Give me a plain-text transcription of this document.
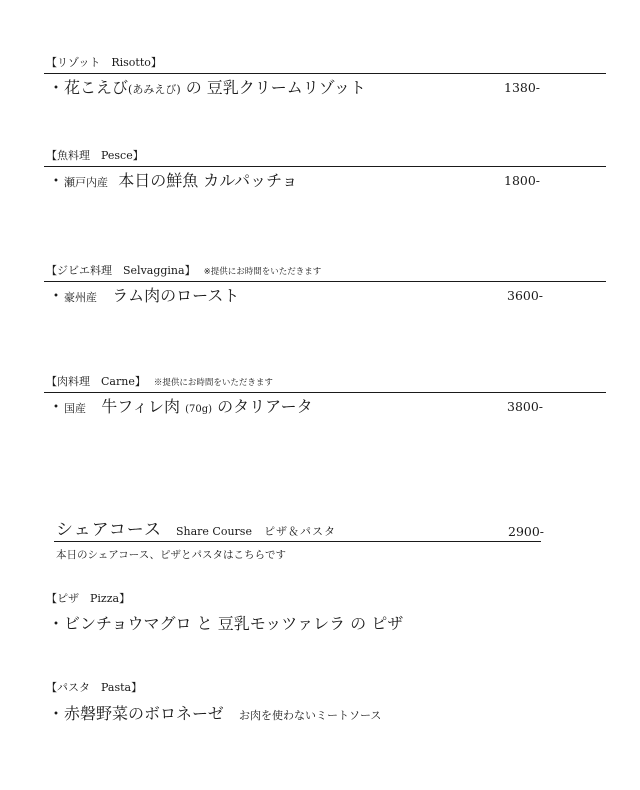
【リゾット　Risotto】
・花こえび(あみえび) の 豆乳クリームリゾット	1380-
【魚料理　Pesce】
・瀬戸内産 本日の鮮魚 カルパッチョ	1800-
【ジビエ料理　Selvaggina】 ※提供にお時間をいただきます
・豪州産 ラム肉のロースト	3600-
【肉料理　Carne】 ※提供にお時間をいただきます
・国産 牛フィレ肉 (70g) のタリアータ	3800-
シェアコース Share Course ピザ＆パスタ	2900-
本日のシェアコース、ピザとパスタはこちらです
【ピザ　Pizza】
・ビンチョウマグロ と 豆乳モッツァレラ の ピザ
【パスタ　Pasta】
・赤磐野菜のボロネーゼ お肉を使わないミートソース
